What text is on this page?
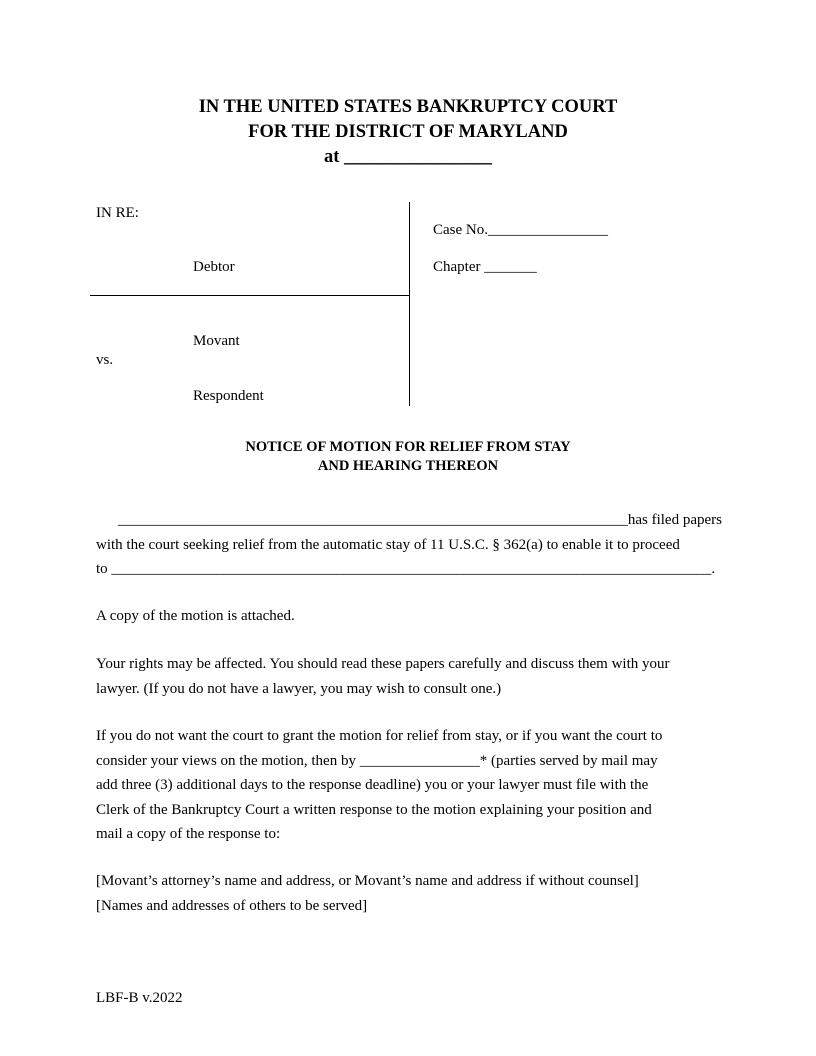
IN THE UNITED STATES BANKRUPTCY COURT
FOR THE DISTRICT OF MARYLAND
at ________________
IN RE:
Debtor
Movant
vs.
Respondent
Case No.________________
Chapter _______
NOTICE OF MOTION FOR RELIEF FROM STAY
AND HEARING THEREON
____________________________________________________________________has filed papers
with the court seeking relief from the automatic stay of 11 U.S.C. § 362(a) to enable it to proceed
to ________________________________________________________________________________.
A copy of the motion is attached.
Your rights may be affected. You should read these papers carefully and discuss them with your
lawyer. (If you do not have a lawyer, you may wish to consult one.)
If you do not want the court to grant the motion for relief from stay, or if you want the court to
consider your views on the motion, then by ________________* (parties served by mail may
add three (3) additional days to the response deadline) you or your lawyer must file with the
Clerk of the Bankruptcy Court a written response to the motion explaining your position and
mail a copy of the response to:
[Movant’s attorney’s name and address, or Movant’s name and address if without counsel]
[Names and addresses of others to be served]
LBF-B v.2022
